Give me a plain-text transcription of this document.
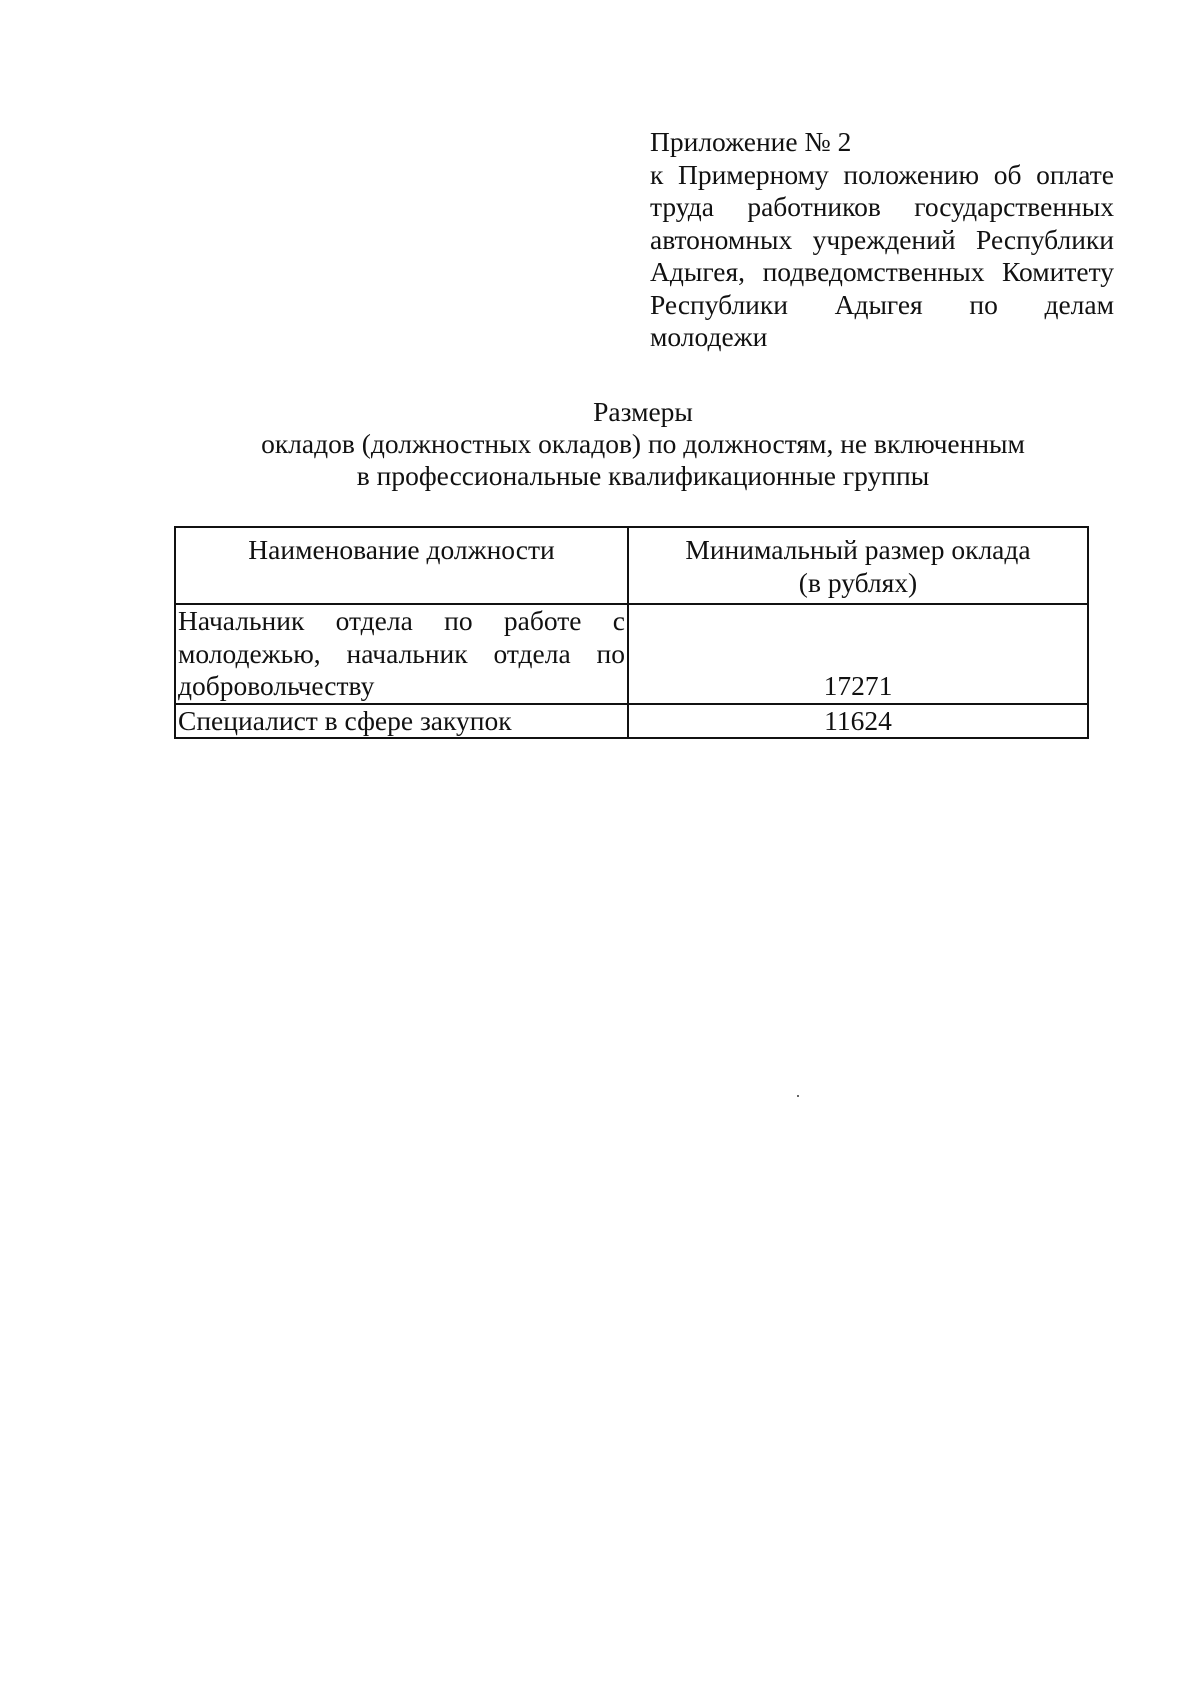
Приложение № 2
к Примерному положению об оплате труда работников государственных автономных учреждений Республики Адыгея, подведомственных Комитету Республики Адыгея по делам молодежи
Размеры
окладов (должностных окладов) по должностям, не включенным
в профессиональные квалификационные группы
Наименование должности	Минимальный размер оклада
(в рублях)

Начальник отдела по работе с молодежью, начальник отдела по добровольчеству	17271
Специалист в сфере закупок	11624
